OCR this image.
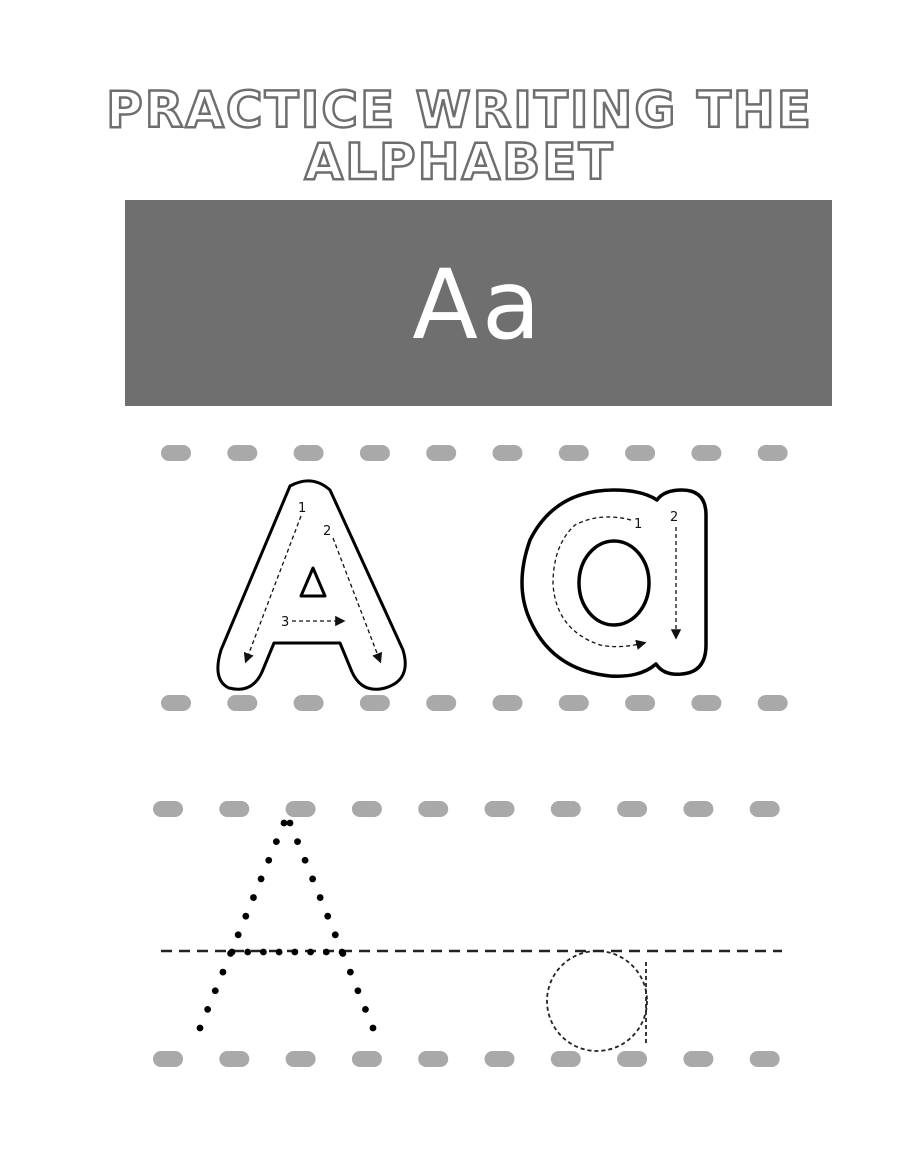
PRACTICE WRITING THE ALPHABET
Aa
1
2
3
1 2
